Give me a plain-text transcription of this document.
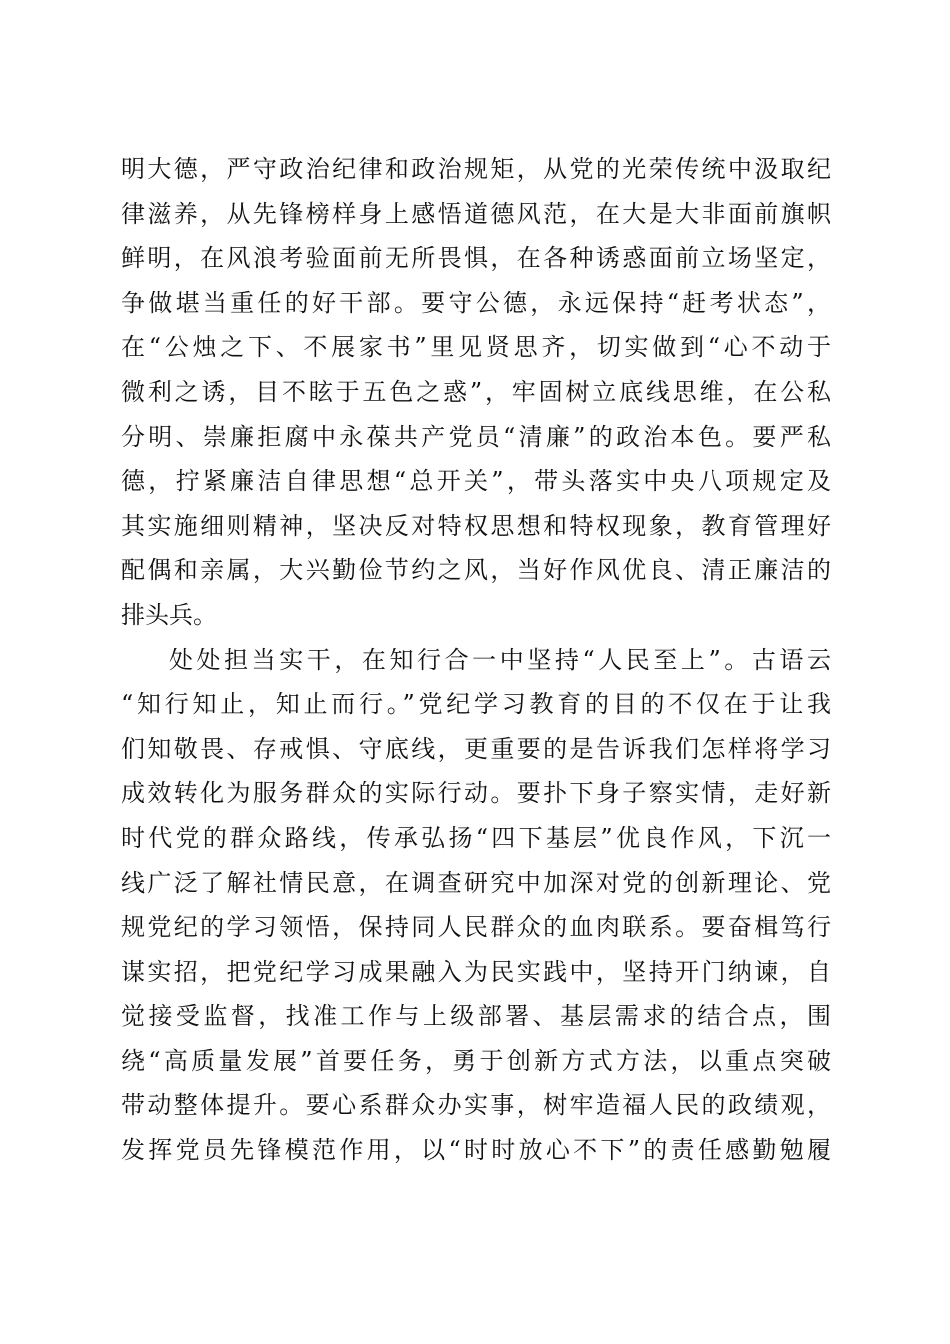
明大德，严守政治纪律和政治规矩，从党的光荣传统中汲取纪
律滋养，从先锋榜样身上感悟道德风范，在大是大非面前旗帜
鲜明，在风浪考验面前无所畏惧，在各种诱惑面前立场坚定，
争做堪当重任的好干部。要守公德，永远保持“赶考状态”，
在“公烛之下、不展家书”里见贤思齐，切实做到“心不动于
微利之诱，目不眩于五色之惑”，牢固树立底线思维，在公私
分明、崇廉拒腐中永葆共产党员“清廉”的政治本色。要严私
德，拧紧廉洁自律思想“总开关”，带头落实中央八项规定及
其实施细则精神，坚决反对特权思想和特权现象，教育管理好
配偶和亲属，大兴勤俭节约之风，当好作风优良、清正廉洁的
排头兵。
处处担当实干，在知行合一中坚持“人民至上”。古语云
“知行知止，知止而行。”党纪学习教育的目的不仅在于让我
们知敬畏、存戒惧、守底线，更重要的是告诉我们怎样将学习
成效转化为服务群众的实际行动。要扑下身子察实情，走好新
时代党的群众路线，传承弘扬“四下基层”优良作风，下沉一
线广泛了解社情民意，在调查研究中加深对党的创新理论、党
规党纪的学习领悟，保持同人民群众的血肉联系。要奋楫笃行
谋实招，把党纪学习成果融入为民实践中，坚持开门纳谏，自
觉接受监督，找准工作与上级部署、基层需求的结合点，围
绕“高质量发展”首要任务，勇于创新方式方法，以重点突破
带动整体提升。要心系群众办实事，树牢造福人民的政绩观，
发挥党员先锋模范作用，以“时时放心不下”的责任感勤勉履
